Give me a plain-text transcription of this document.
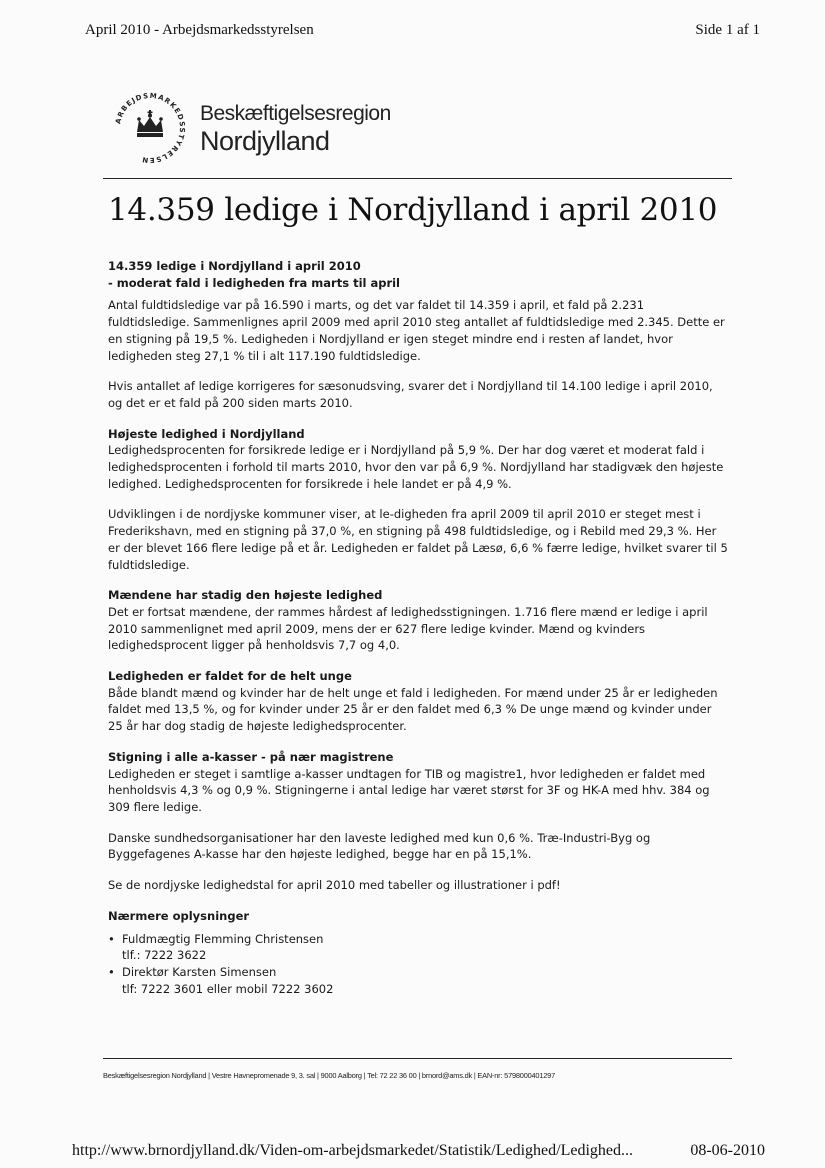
April 2010 - Arbejdsmarkedsstyrelsen	Side 1 af 1
ARBEJDSMARKEDSSTYRELSEN
Beskæftigelsesregion
Nordjylland
14.359 ledige i Nordjylland i april 2010
14.359 ledige i Nordjylland i april 2010
- moderat fald i ledigheden fra marts til april

Antal fuldtidsledige var på 16.590 i marts, og det var faldet til 14.359 i april, et fald på 2.231 fuldtidsledige. Sammenlignes april 2009 med april 2010 steg antallet af fuldtidsledige med 2.345. Dette er en stigning på 19,5 %. Ledigheden i Nordjylland er igen steget mindre end i resten af landet, hvor ledigheden steg 27,1 % til i alt 117.190 fuldtidsledige.

Hvis antallet af ledige korrigeres for sæsonudsving, svarer det i Nordjylland til 14.100 ledige i april 2010, og det er et fald på 200 siden marts 2010.

Højeste ledighed i Nordjylland

Ledighedsprocenten for forsikrede ledige er i Nordjylland på 5,9 %. Der har dog været et moderat fald i ledighedsprocenten i forhold til marts 2010, hvor den var på 6,9 %. Nordjylland har stadigvæk den højeste ledighed. Ledighedsprocenten for forsikrede i hele landet er på 4,9 %.

Udviklingen i de nordjyske kommuner viser, at le-digheden fra april 2009 til april 2010 er steget mest i Frederikshavn, med en stigning på 37,0 %, en stigning på 498 fuldtidsledige, og i Rebild med 29,3 %. Her er der blevet 166 flere ledige på et år. Ledigheden er faldet på Læsø, 6,6 % færre ledige, hvilket svarer til 5 fuldtidsledige.

Mændene har stadig den højeste ledighed

Det er fortsat mændene, der rammes hårdest af ledighedsstigningen. 1.716 flere mænd er ledige i april 2010 sammenlignet med april 2009, mens der er 627 flere ledige kvinder. Mænd og kvinders ledighedsprocent ligger på henholdsvis 7,7 og 4,0.

Ledigheden er faldet for de helt unge

Både blandt mænd og kvinder har de helt unge et fald i ledigheden. For mænd under 25 år er ledigheden faldet med 13,5 %, og for kvinder under 25 år er den faldet med 6,3 % De unge mænd og kvinder under 25 år har dog stadig de højeste ledighedsprocenter.

Stigning i alle a-kasser - på nær magistrene

Ledigheden er steget i samtlige a-kasser undtagen for TIB og magistre1, hvor ledigheden er faldet med henholdsvis 4,3 % og 0,9 %. Stigningerne i antal ledige har været størst for 3F og HK-A med hhv. 384 og 309 flere ledige.

Danske sundhedsorganisationer har den laveste ledighed med kun 0,6 %. Træ-Industri-Byg og Byggefagenes A-kasse har den højeste ledighed, begge har en på 15,1%.

Se de nordjyske ledighedstal for april 2010 med tabeller og illustrationer i pdf!

Nærmere oplysninger
• Fuldmægtig Flemming Christensen
tlf.: 7222 3622
• Direktør Karsten Simensen
tlf: 7222 3601 eller mobil 7222 3602
Beskæftigelsesregion Nordjylland | Vestre Havnepromenade 9, 3. sal | 9000 Aalborg | Tel: 72 22 36 00 | brnord@ams.dk | EAN-nr: 5798000401297
http://www.brnordjylland.dk/Viden-om-arbejdsmarkedet/Statistik/Ledighed/Ledighed...	08-06-2010
